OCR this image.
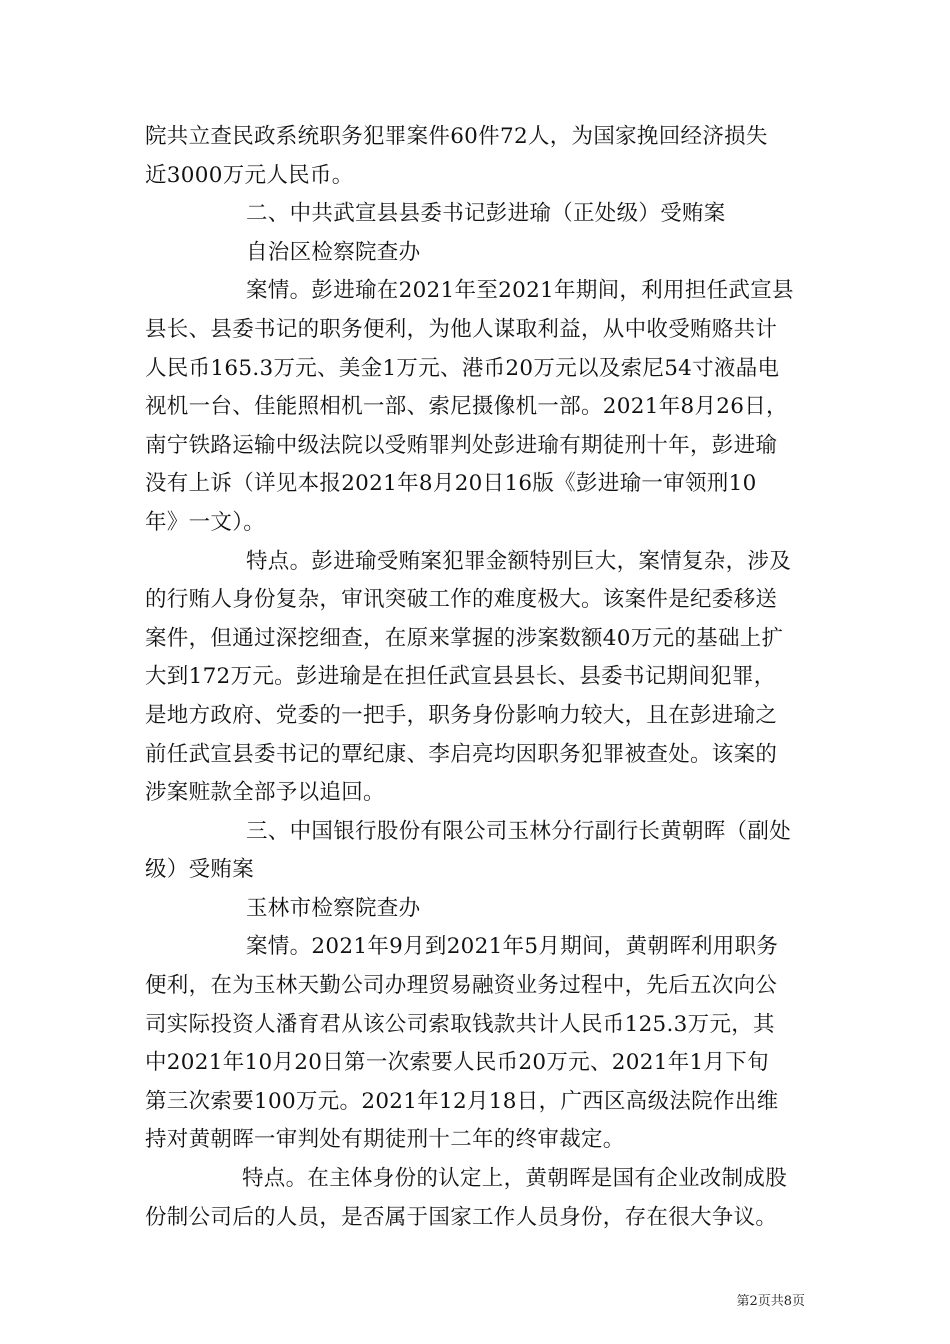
院共立查民政系统职务犯罪案件60件72人，为国家挽回经济损失
近3000万元人民币。
二、中共武宣县县委书记彭进瑜（正处级）受贿案
自治区检察院查办
案情。彭进瑜在2021年至2021年期间，利用担任武宣县
县长、县委书记的职务便利，为他人谋取利益，从中收受贿赂共计
人民币165.3万元、美金1万元、港币20万元以及索尼54寸液晶电
视机一台、佳能照相机一部、索尼摄像机一部。2021年8月26日，
南宁铁路运输中级法院以受贿罪判处彭进瑜有期徒刑十年，彭进瑜
没有上诉（详见本报2021年8月20日16版《彭进瑜一审领刑10
年》一文）。
特点。彭进瑜受贿案犯罪金额特别巨大，案情复杂，涉及
的行贿人身份复杂，审讯突破工作的难度极大。该案件是纪委移送
案件，但通过深挖细查，在原来掌握的涉案数额40万元的基础上扩
大到172万元。彭进瑜是在担任武宣县县长、县委书记期间犯罪，
是地方政府、党委的一把手，职务身份影响力较大，且在彭进瑜之
前任武宣县委书记的覃纪康、李启亮均因职务犯罪被查处。该案的
涉案赃款全部予以追回。
三、中国银行股份有限公司玉林分行副行长黄朝晖（副处
级）受贿案
玉林市检察院查办
案情。2021年9月到2021年5月期间，黄朝晖利用职务
便利，在为玉林天勤公司办理贸易融资业务过程中，先后五次向公
司实际投资人潘育君从该公司索取钱款共计人民币125.3万元，其
中2021年10月20日第一次索要人民币20万元、2021年1月下旬
第三次索要100万元。2021年12月18日，广西区高级法院作出维
持对黄朝晖一审判处有期徒刑十二年的终审裁定。
特点。在主体身份的认定上，黄朝晖是国有企业改制成股
份制公司后的人员，是否属于国家工作人员身份，存在很大争议。
第2页共8页
